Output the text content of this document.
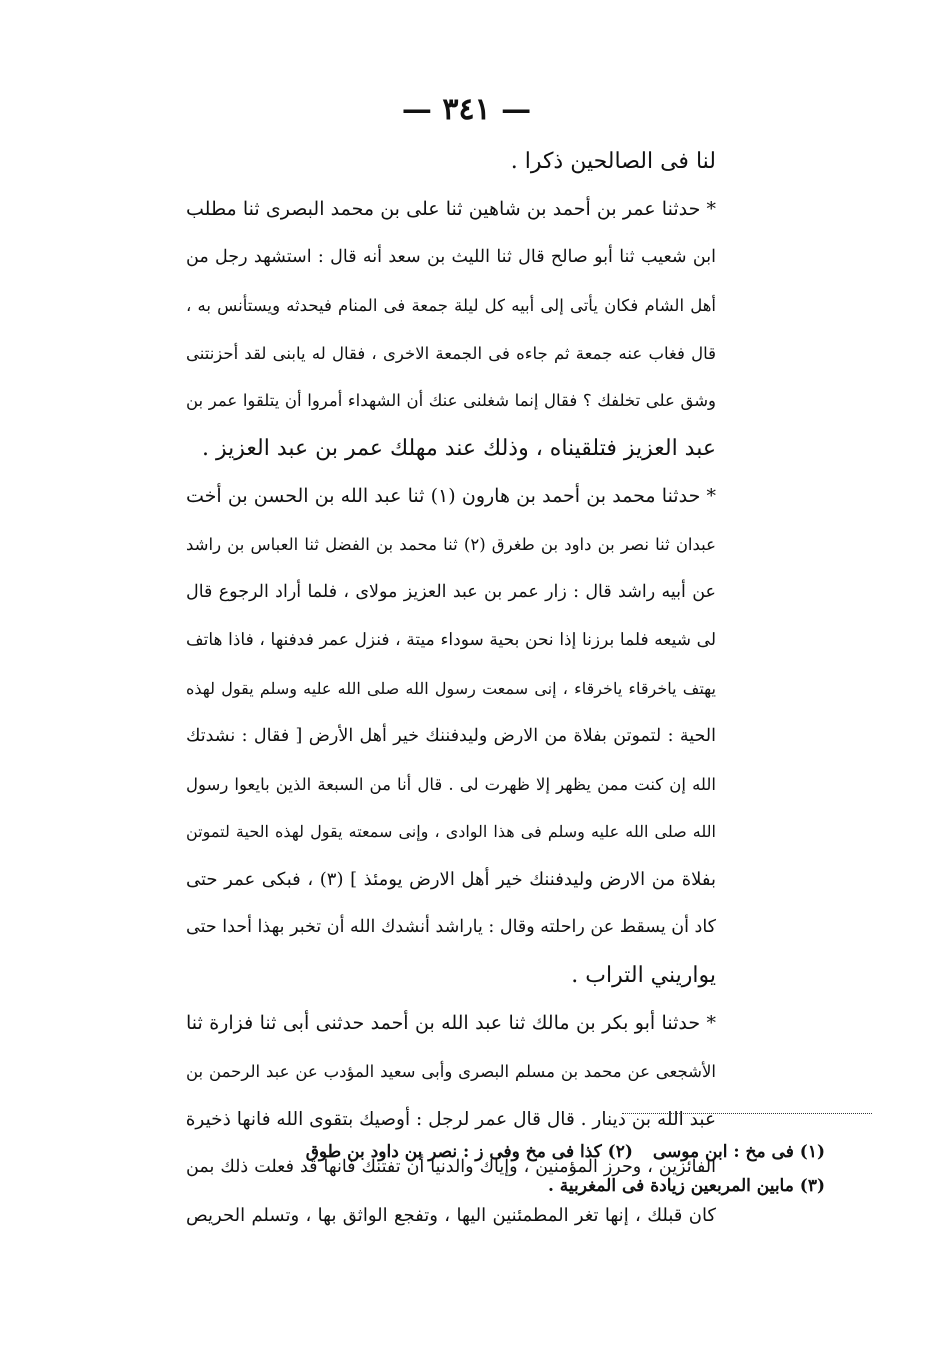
— ٣٤١ —
لنا فى الصالحين ذكرا .
* حدثنا عمر بن أحمد بن شاهين ثنا على بن محمد البصرى ثنا مطلب
ابن شعيب ثنا أبو صالح قال ثنا الليث بن سعد أنه قال : استشهد رجل من
أهل الشام فكان يأتى إلى أبيه كل ليلة جمعة فى المنام فيحدثه ويستأنس به ،
قال فغاب عنه جمعة ثم جاءه فى الجمعة الاخرى ، فقال له يابنى لقد أحزنتنى
وشق على تخلفك ؟ فقال إنما شغلنى عنك أن الشهداء أمروا أن يتلقوا عمر بن
عبد العزيز فتلقيناه ، وذلك عند مهلك عمر بن عبد العزيز .
* حدثنا محمد بن أحمد بن هارون (١) ثنا عبد الله بن الحسن بن أخت
عبدان ثنا نصر بن داود بن طغرق (٢) ثنا محمد بن الفضل ثنا العباس بن راشد
عن أبيه راشد قال : زار عمر بن عبد العزيز مولاى ، فلما أراد الرجوع قال
لى شيعه فلما برزنا إذا نحن بحية سوداء ميتة ، فنزل عمر فدفنها ، فاذا هاتف
يهتف ياخرقاء ياخرقاء ، إنى سمعت رسول الله صلى الله عليه وسلم يقول لهذه
الحية : لتموتن بفلاة من الارض وليدفننك خير أهل الأرض [ فقال : نشدتك
الله إن كنت ممن يظهر إلا ظهرت لى . قال أنا من السبعة الذين بايعوا رسول
الله صلى الله عليه وسلم فى هذا الوادى ، وإنى سمعته يقول لهذه الحية لتموتن
بفلاة من الارض وليدفننك خير أهل الارض يومئذ ] (٣) ، فبكى عمر حتى
كاد أن يسقط عن راحلته وقال : ياراشد أنشدك الله أن تخبر بهذا أحدا حتى
يواريني التراب .
* حدثنا أبو بكر بن مالك ثنا عبد الله بن أحمد حدثنى أبى ثنا فزارة ثنا
الأشجعى عن محمد بن مسلم البصرى وأبى سعيد المؤدب عن عبد الرحمن بن
عبد الله بن دينار . قال قال عمر لرجل : أوصيك بتقوى الله فانها ذخيرة
الفائزين ، وحرز المؤمنين ، وإياك والدنيا أن تفتنك فانها قد فعلت ذلك بمن
كان قبلك ، إنها تغر المطمئنين اليها ، وتفجع الواثق بها ، وتسلم الحريص
(١) فى مخ : ابن موسى (٢) كذا فى مخ وفى ز : نصر بن داود بن طوق
(٣) مابين المربعين زيادة فى المغربية .
